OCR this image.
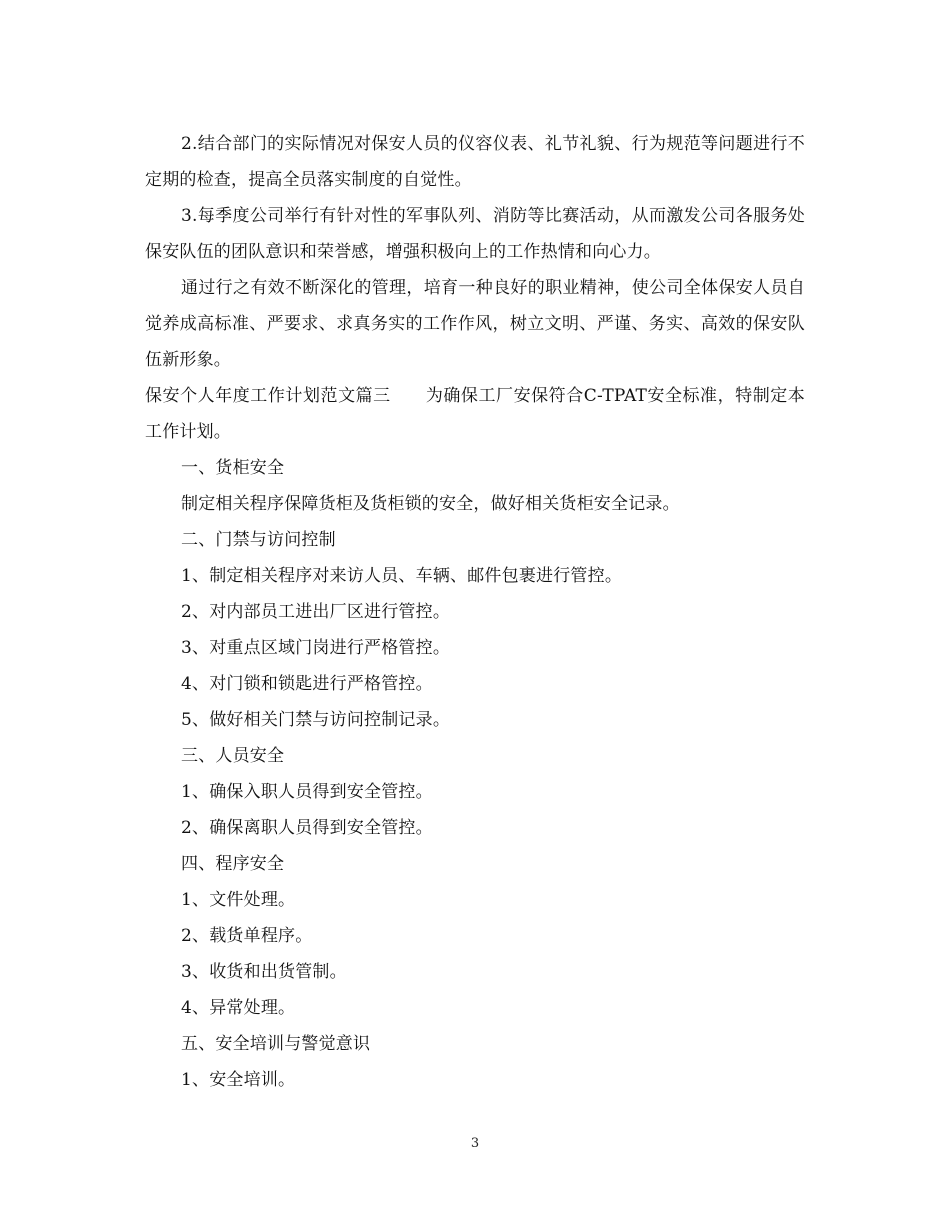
2.结合部门的实际情况对保安人员的仪容仪表、礼节礼貌、行为规范等问题进行不定期的检查，提高全员落实制度的自觉性。

3.每季度公司举行有针对性的军事队列、消防等比赛活动，从而激发公司各服务处保安队伍的团队意识和荣誉感，增强积极向上的工作热情和向心力。

通过行之有效不断深化的管理，培育一种良好的职业精神，使公司全体保安人员自觉养成高标准、严要求、求真务实的工作作风，树立文明、严谨、务实、高效的保安队伍新形象。

保安个人年度工作计划范文篇三　　为确保工厂安保符合C-TPAT安全标准，特制定本工作计划。

一、货柜安全

制定相关程序保障货柜及货柜锁的安全，做好相关货柜安全记录。

二、门禁与访问控制

1、制定相关程序对来访人员、车辆、邮件包裹进行管控。

2、对内部员工进出厂区进行管控。

3、对重点区域门岗进行严格管控。

4、对门锁和锁匙进行严格管控。

5、做好相关门禁与访问控制记录。

三、人员安全

1、确保入职人员得到安全管控。

2、确保离职人员得到安全管控。

四、程序安全

1、文件处理。

2、载货单程序。

3、收货和出货管制。

4、异常处理。

五、安全培训与警觉意识

1、安全培训。

3
